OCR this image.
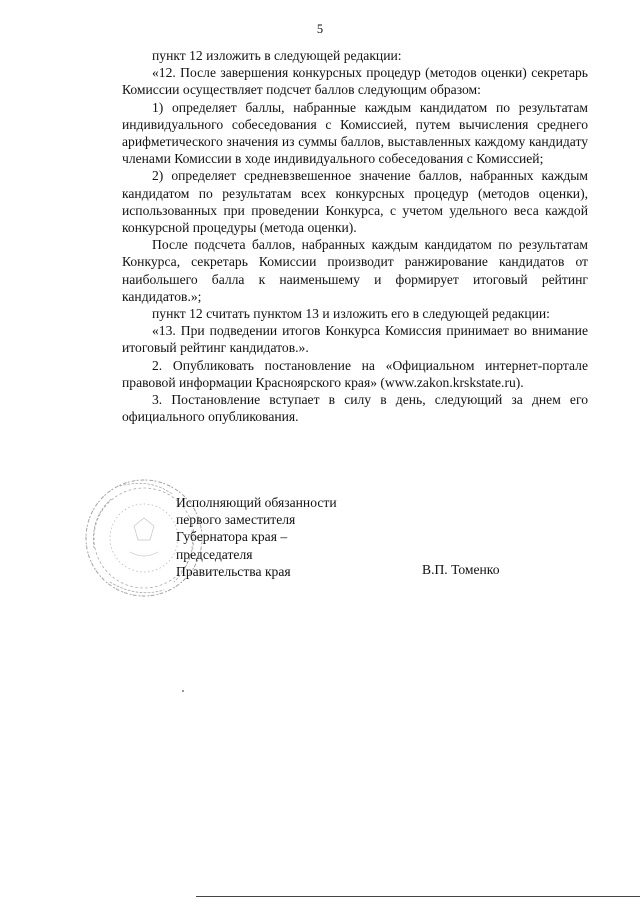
5

пункт 12 изложить в следующей редакции:

«12. После завершения конкурсных процедур (методов оценки) секретарь Комиссии осуществляет подсчет баллов следующим образом:

1) определяет баллы, набранные каждым кандидатом по результатам индивидуального собеседования с Комиссией, путем вычисления среднего арифметического значения из суммы баллов, выставленных каждому кандидату членами Комиссии в ходе индивидуального собеседования с Комиссией;

2) определяет средневзвешенное значение баллов, набранных каждым кандидатом по результатам всех конкурсных процедур (методов оценки), использованных при проведении Конкурса, с учетом удельного веса каждой конкурсной процедуры (метода оценки).

После подсчета баллов, набранных каждым кандидатом по результатам Конкурса, секретарь Комиссии производит ранжирование кандидатов от наибольшего балла к наименьшему и формирует итоговый рейтинг кандидатов.»;

пункт 12 считать пунктом 13 и изложить его в следующей редакции:

«13. При подведении итогов Конкурса Комиссия принимает во внимание итоговый рейтинг кандидатов.».

2. Опубликовать постановление на «Официальном интернет-портале правовой информации Красноярского края» (www.zakon.krskstate.ru).

3. Постановление вступает в силу в день, следующий за днем его официального опубликования.

Исполняющий обязанности
первого заместителя
Губернатора края –
председателя
Правительства края	В.П. Томенко
